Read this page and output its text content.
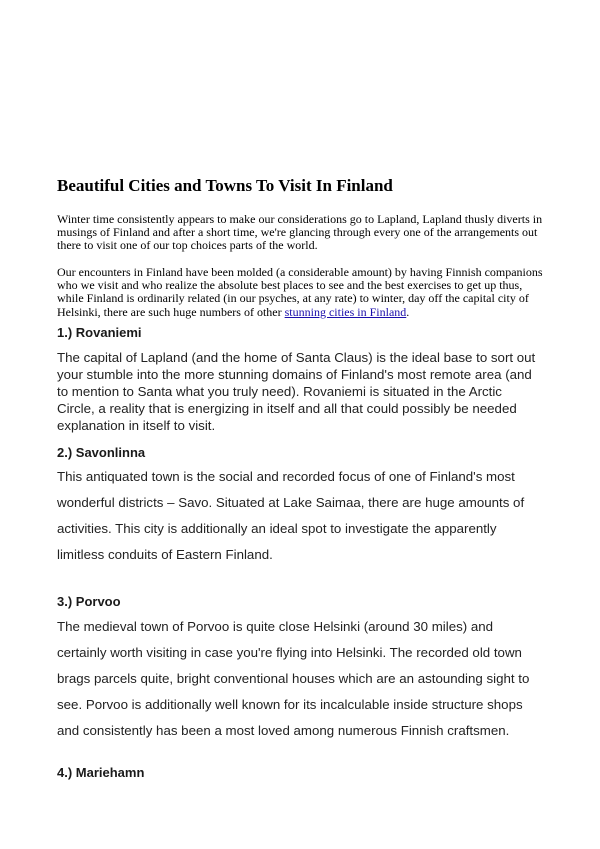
Beautiful Cities and Towns To Visit In Finland

Winter time consistently appears to make our considerations go to Lapland, Lapland thusly diverts in musings of Finland and after a short time, we're glancing through every one of the arrangements out there to visit one of our top choices parts of the world.

Our encounters in Finland have been molded (a considerable amount) by having Finnish companions who we visit and who realize the absolute best places to see and the best exercises to get up thus, while Finland is ordinarily related (in our psyches, at any rate) to winter, day off the capital city of Helsinki, there are such huge numbers of other stunning cities in Finland.

1.) Rovaniemi

The capital of Lapland (and the home of Santa Claus) is the ideal base to sort out your stumble into the more stunning domains of Finland's most remote area (and to mention to Santa what you truly need). Rovaniemi is situated in the Arctic Circle, a reality that is energizing in itself and all that could possibly be needed explanation in itself to visit.

2.) Savonlinna

This antiquated town is the social and recorded focus of one of Finland's most wonderful districts – Savo. Situated at Lake Saimaa, there are huge amounts of activities. This city is additionally an ideal spot to investigate the apparently limitless conduits of Eastern Finland.

3.) Porvoo

The medieval town of Porvoo is quite close Helsinki (around 30 miles) and certainly worth visiting in case you're flying into Helsinki. The recorded old town brags parcels quite, bright conventional houses which are an astounding sight to see. Porvoo is additionally well known for its incalculable inside structure shops and consistently has been a most loved among numerous Finnish craftsmen.

4.) Mariehamn
